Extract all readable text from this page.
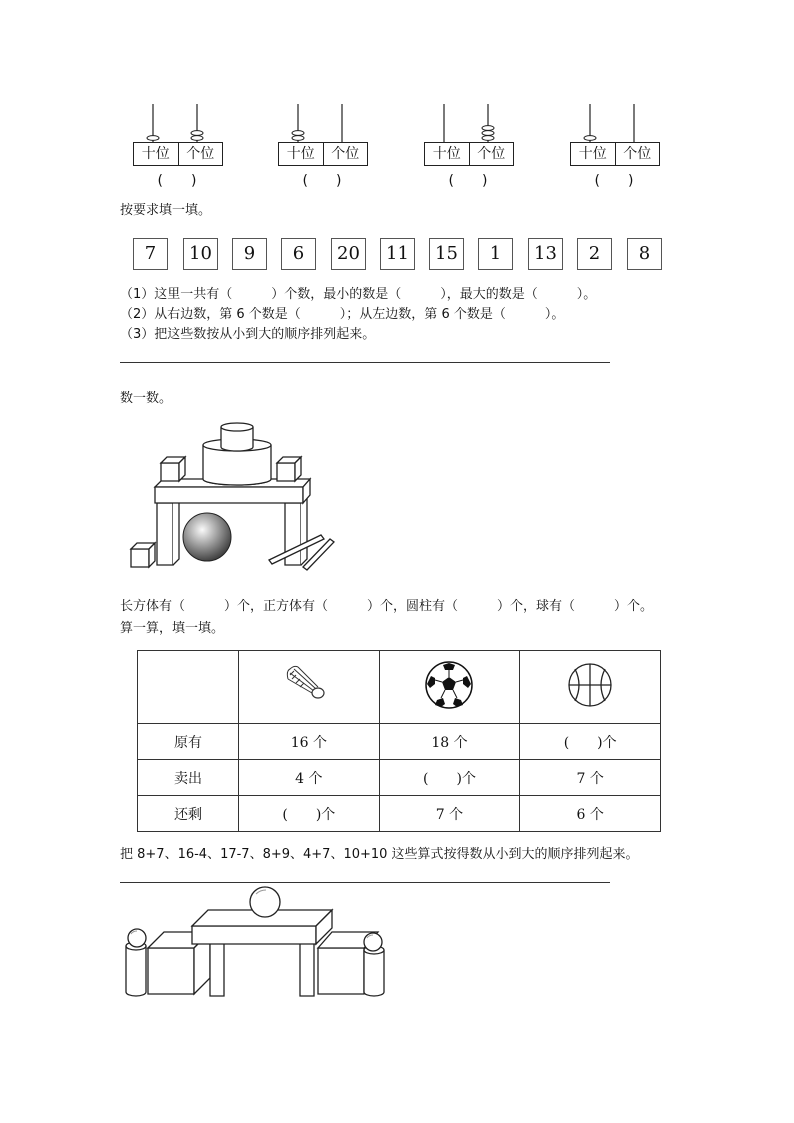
十位	个位
(　　)
十位	个位
(　　)
十位	个位
(　　)
十位	个位
(　　)
按要求填一填。
7	10	9	6	20	11	15	1	13	2	8
（1）这里一共有（　　　）个数，最小的数是（　　　），最大的数是（　　　）。
（2）从右边数，第 6 个数是（　　　）；从左边数，第 6 个数是（　　　）。
（3）把这些数按从小到大的顺序排列起来。
数一数。
长方体有（　　　）个，正方体有（　　　）个，圆柱有（　　　）个，球有（　　　）个。
算一算，填一填。

原有	16 个	18 个	(　　)个
卖出	4 个	(　　)个	7 个
还剩	(　　)个	7 个	6 个
把 8+7、16-4、17-7、8+9、4+7、10+10 这些算式按得数从小到大的顺序排列起来。
